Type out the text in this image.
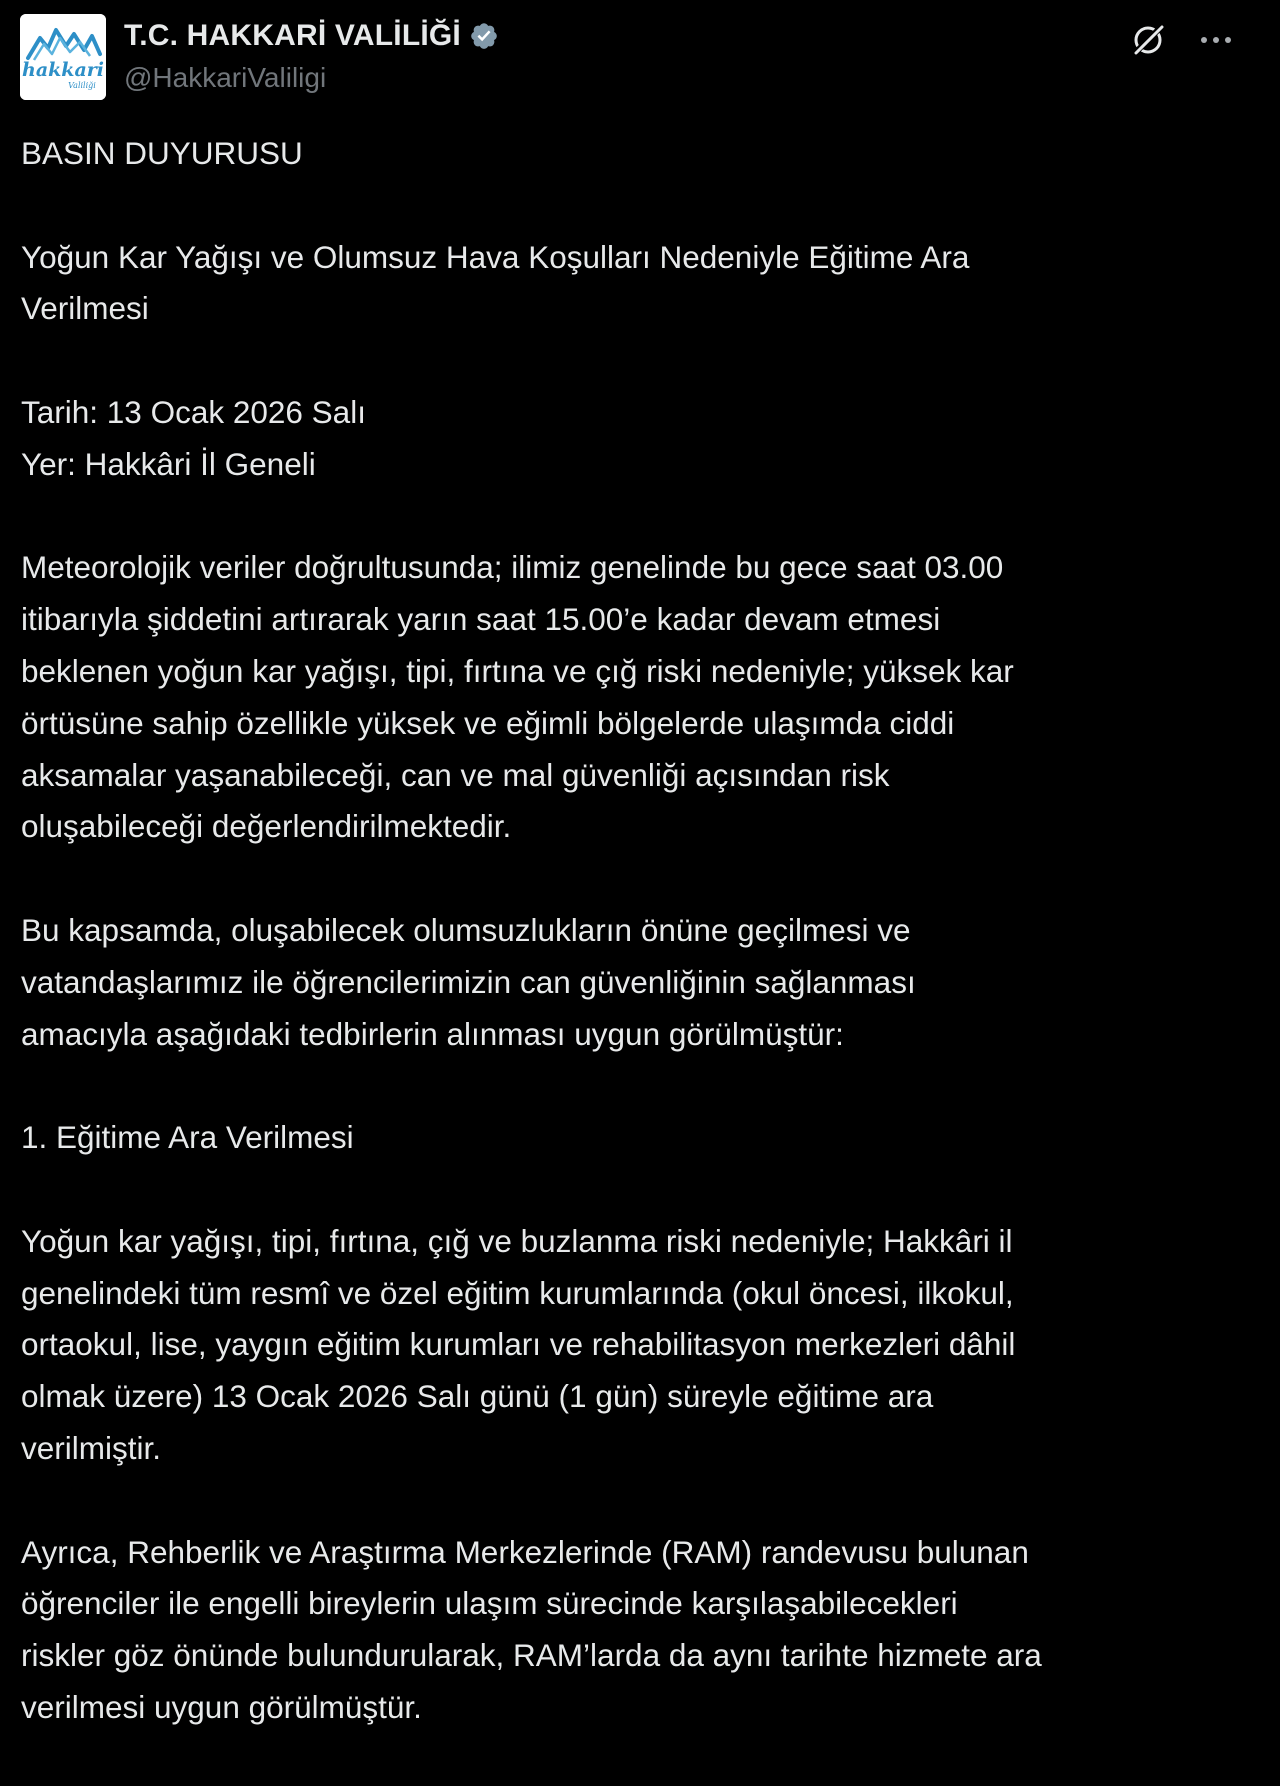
hakkari
Valiliği
T.C. HAKKARİ VALİLİĞİ
@HakkariValiligi
BASIN DUYURUSU
Yoğun Kar Yağışı ve Olumsuz Hava Koşulları Nedeniyle Eğitime Ara
Verilmesi
Tarih: 13 Ocak 2026 Salı
Yer: Hakkâri İl Geneli
Meteorolojik veriler doğrultusunda; ilimiz genelinde bu gece saat 03.00
itibarıyla şiddetini artırarak yarın saat 15.00’e kadar devam etmesi
beklenen yoğun kar yağışı, tipi, fırtına ve çığ riski nedeniyle; yüksek kar
örtüsüne sahip özellikle yüksek ve eğimli bölgelerde ulaşımda ciddi
aksamalar yaşanabileceği, can ve mal güvenliği açısından risk
oluşabileceği değerlendirilmektedir.
Bu kapsamda, oluşabilecek olumsuzlukların önüne geçilmesi ve
vatandaşlarımız ile öğrencilerimizin can güvenliğinin sağlanması
amacıyla aşağıdaki tedbirlerin alınması uygun görülmüştür:
1. Eğitime Ara Verilmesi
Yoğun kar yağışı, tipi, fırtına, çığ ve buzlanma riski nedeniyle; Hakkâri il
genelindeki tüm resmî ve özel eğitim kurumlarında (okul öncesi, ilkokul,
ortaokul, lise, yaygın eğitim kurumları ve rehabilitasyon merkezleri dâhil
olmak üzere) 13 Ocak 2026 Salı günü (1 gün) süreyle eğitime ara
verilmiştir.
Ayrıca, Rehberlik ve Araştırma Merkezlerinde (RAM) randevusu bulunan
öğrenciler ile engelli bireylerin ulaşım sürecinde karşılaşabilecekleri
riskler göz önünde bulundurularak, RAM’larda da aynı tarihte hizmete ara
verilmesi uygun görülmüştür.
